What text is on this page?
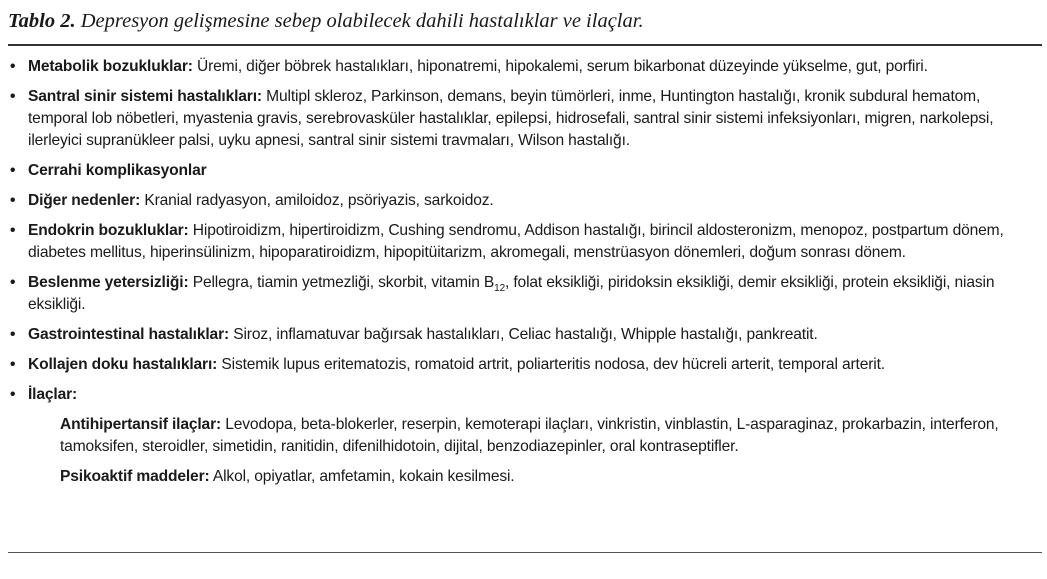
Tablo 2. Depresyon gelişmesine sebep olabilecek dahili hastalıklar ve ilaçlar.
• Metabolik bozukluklar: Üremi, diğer böbrek hastalıkları, hiponatremi, hipokalemi, serum bikarbonat düzeyinde yükselme, gut, porfiri.
• Santral sinir sistemi hastalıkları: Multipl skleroz, Parkinson, demans, beyin tümörleri, inme, Huntington hastalığı, kronik subdural hematom, temporal lob nöbetleri, myastenia gravis, serebrovasküler hastalıklar, epilepsi, hidrosefali, santral sinir sistemi infeksiyonları, migren, narkolepsi, ilerleyici supranükleer palsi, uyku apnesi, santral sinir sistemi travmaları, Wilson hastalığı.
• Cerrahi komplikasyonlar
• Diğer nedenler: Kranial radyasyon, amiloidoz, psöriyazis, sarkoidoz.
• Endokrin bozukluklar: Hipotiroidizm, hipertiroidizm, Cushing sendromu, Addison hastalığı, birincil aldosteronizm, menopoz, postpartum dönem, diabetes mellitus, hiperinsülinizm, hipoparatiroidizm, hipopitüitarizm, akromegali, menstrüasyon dönemleri, doğum sonrası dönem.
• Beslenme yetersizliği: Pellegra, tiamin yetmezliği, skorbit, vitamin $B_{12}$, folat eksikliği, piridoksin eksikliği, demir eksikliği, protein eksikliği, niasin eksikliği.
• Gastrointestinal hastalıklar: Siroz, inflamatuvar bağırsak hastalıkları, Celiac hastalığı, Whipple hastalığı, pankreatit.
• Kollajen doku hastalıkları: Sistemik lupus eritematozis, romatoid artrit, poliarteritis nodosa, dev hücreli arterit, temporal arterit.
• İlaçlar:
Antihipertansif ilaçlar: Levodopa, beta-blokerler, reserpin, kemoterapi ilaçları, vinkristin, vinblastin, L-asparaginaz, prokarbazin, interferon, tamoksifen, steroidler, simetidin, ranitidin, difenilhidotoin, dijital, benzodiazepinler, oral kontraseptifler.
Psikoaktif maddeler: Alkol, opiyatlar, amfetamin, kokain kesilmesi.
